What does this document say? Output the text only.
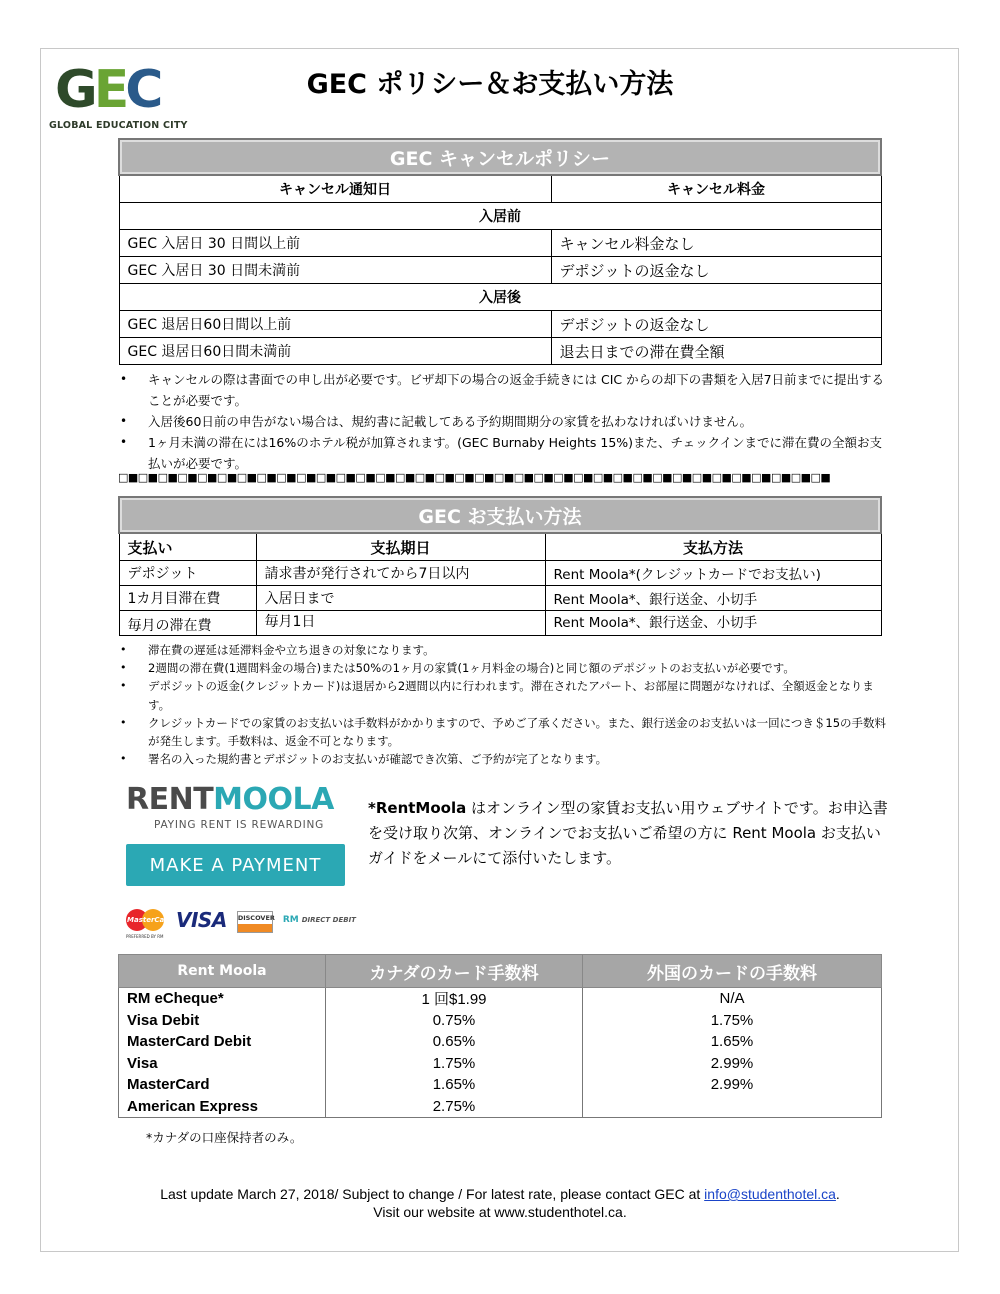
GEC
GLOBAL EDUCATION CITY
GEC ポリシー＆お支払い方法
GEC キャンセルポリシー	
キャンセル通知日	キャンセル料金
入居前	
GEC 入居日 30 日間以上前	キャンセル料金なし
GEC 入居日 30 日間未満前	デポジットの返金なし
入居後	
GEC 退居日60日間以上前	デポジットの返金なし
GEC 退居日60日間未満前	退去日までの滞在費全額
• キャンセルの際は書面での申し出が必要です。ビザ却下の場合の返金手続きには CIC からの却下の書類を入居7日前までに提出することが必要です。
• 入居後60日前の申告がない場合は、規約書に記載してある予約期間期分の家賃を払わなければいけません。
• 1ヶ月未満の滞在には16%のホテル税が加算されます。(GEC Burnaby Heights 15%)また、チェックインまでに滞在費の全額お支払いが必要です。
□■□■□■□■□■□■□■□■□■□■□■□■□■□■□■□■□■□■□■□■□■□■□■□■□■□■□■□■□■□■□■□■□■□■□■□■
GEC お支払い方法		
支払い	支払期日	支払方法
デポジット	請求書が発行されてから7日以内	Rent Moola*(クレジットカードでお支払い)
1カ月目滞在費	入居日まで	Rent Moola*、銀行送金、小切手
毎月の滞在費	毎月1日	Rent Moola*、銀行送金、小切手
• 滞在費の遅延は延滞料金や立ち退きの対象になります。
• 2週間の滞在費(1週間料金の場合)または50%の1ヶ月の家賃(1ヶ月料金の場合)と同じ額のデポジットのお支払いが必要です。
• デポジットの返金(クレジットカード)は退居から2週間以内に行われます。滞在されたアパート、お部屋に問題がなければ、全額返金となります。
• クレジットカードでの家賃のお支払いは手数料がかかりますので、予めご了承ください。また、銀行送金のお支払いは一回につき＄15の手数料が発生します。手数料は、返金不可となります。
• 署名の入った規約書とデポジットのお支払いが確認でき次第、ご予約が完了となります。
RENTMOOLA
PAYING RENT IS REWARDING
MAKE A PAYMENT
MasterCard
PREFERRED BY RM
VISA DISCOVER RM DIRECT DEBIT
*RentMoola はオンライン型の家賃お支払い用ウェブサイトです。お申込書を受け取り次第、オンラインでお支払いご希望の方に Rent Moola お支払いガイドをメールにて添付いたします。
Rent Moola	カナダのカード手数料	外国のカードの手数料
RM eCheque*	1 回$1.99	N/A
Visa Debit	0.75%	1.75%
MasterCard Debit	0.65%	1.65%
Visa	1.75%	2.99%
MasterCard	1.65%	2.99%
American Express	2.75%	
*カナダの口座保持者のみ。
Last update March 27, 2018/ Subject to change / For latest rate, please contact GEC at info@studenthotel.ca.
Visit our website at www.studenthotel.ca.
